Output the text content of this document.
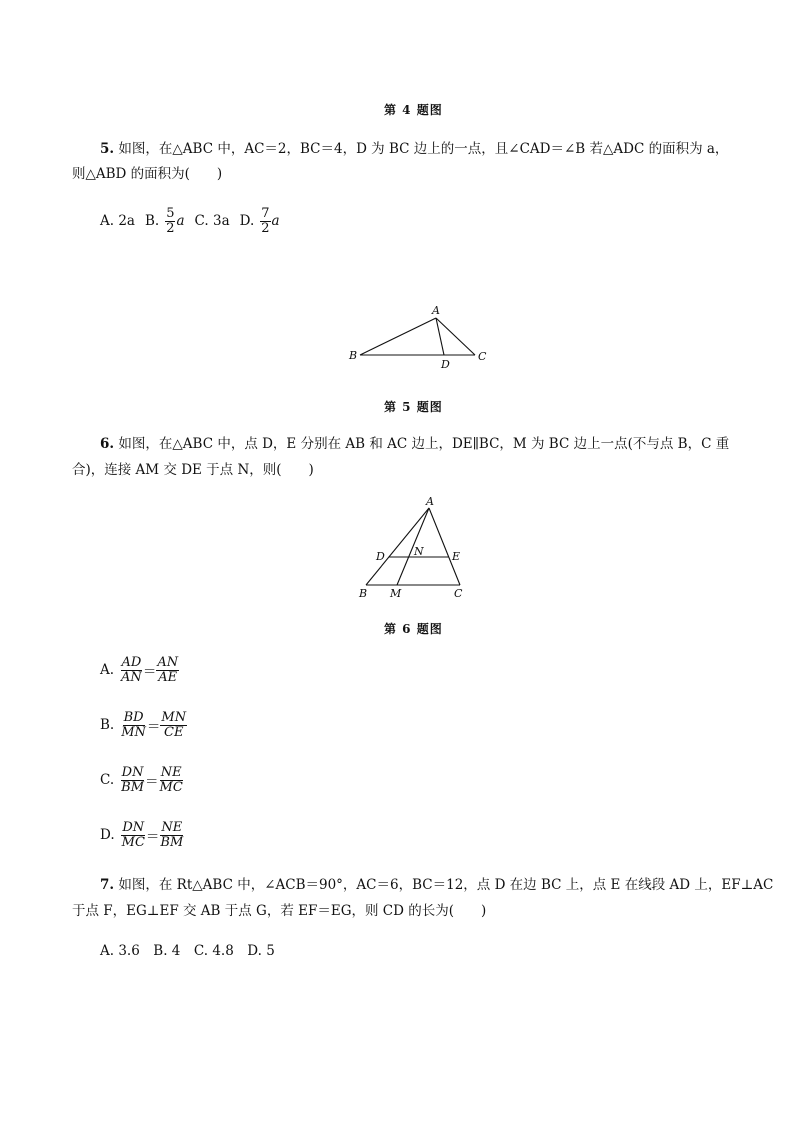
第 4 题图
5. 如图，在△ABC 中，AC＝2，BC＝4，D 为 BC 边上的一点，且∠CAD＝∠B 若△ADC 的面积为 a，
则△ABD 的面积为(　　)
A. 2a B. $\frac{5}{2}$ a C. 3a D. $\frac{7}{2}$ a
A
B	C
D
第 5 题图
6. 如图，在△ABC 中，点 D，E 分别在 AB 和 AC 边上，DE∥BC，M 为 BC 边上一点(不与点 B，C 重
合)，连接 AM 交 DE 于点 N，则(　　)
A
D	N	E
B M	C
第 6 题图
A. $\frac{AD}{AN} = \frac{AN}{AE}$
B. $\frac{BD}{MN} = \frac{MN}{CE}$
C. $\frac{DN}{BM} = \frac{NE}{MC}$
D. $\frac{DN}{MC} = \frac{NE}{BM}$
7. 如图，在 Rt△ABC 中，∠ACB＝90°，AC＝6，BC＝12，点 D 在边 BC 上，点 E 在线段 AD 上，EF⊥AC
于点 F，EG⊥EF 交 AB 于点 G，若 EF＝EG，则 CD 的长为(　　)
A. 3.6　B. 4　C. 4.8　D. 5
